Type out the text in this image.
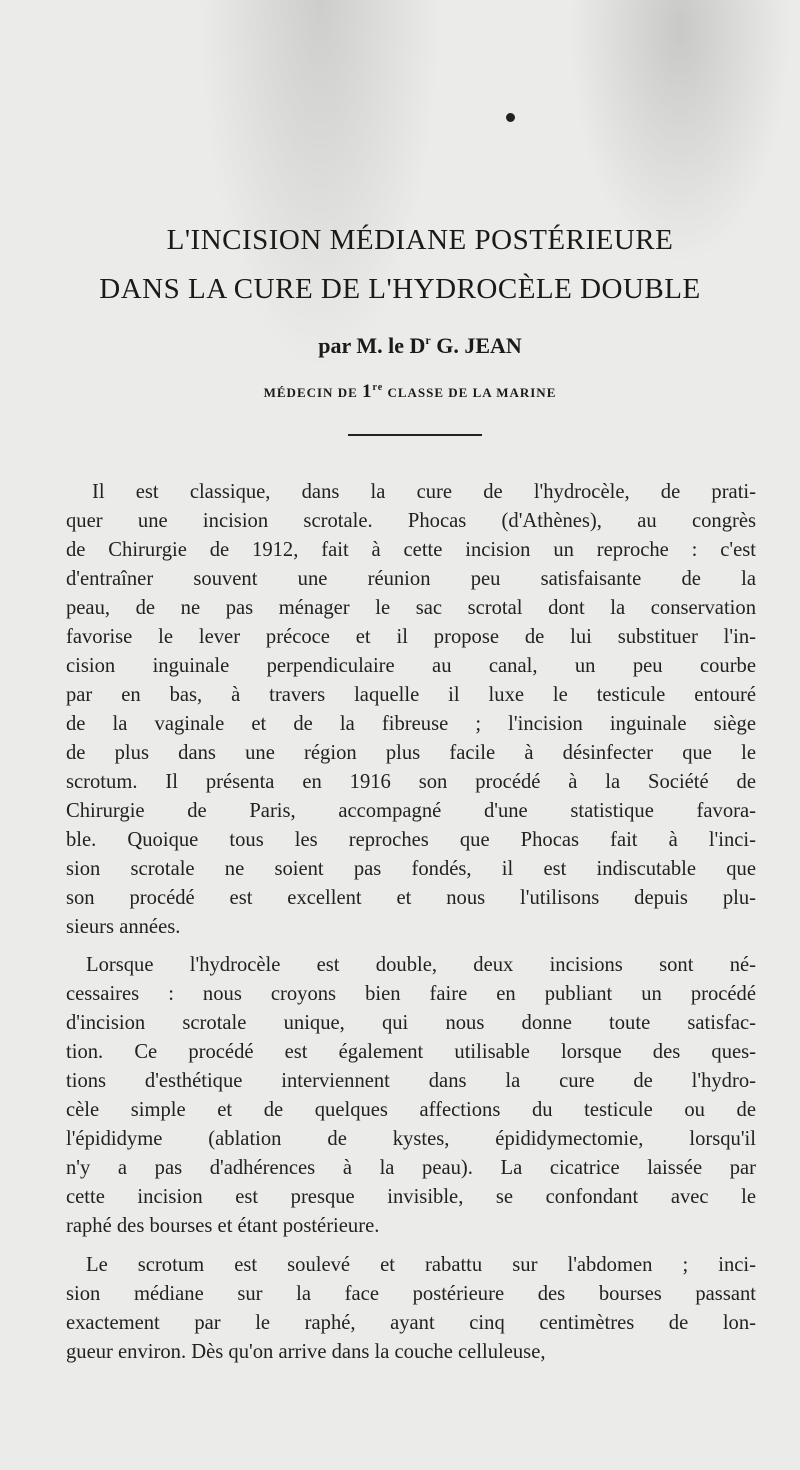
L'INCISION MÉDIANE POSTÉRIEURE
DANS LA CURE DE L'HYDROCÈLE DOUBLE
par M. le $D^r$ G. JEAN
MÉDECIN DE 1re CLASSE DE LA MARINE
Il est classique, dans la cure de l'hydrocèle, de prati-
quer une incision scrotale. Phocas (d'Athènes), au congrès
de Chirurgie de 1912, fait à cette incision un reproche : c'est
d'entraîner souvent une réunion peu satisfaisante de la
peau, de ne pas ménager le sac scrotal dont la conservation
favorise le lever précoce et il propose de lui substituer l'in-
cision inguinale perpendiculaire au canal, un peu courbe
par en bas, à travers laquelle il luxe le testicule entouré
de la vaginale et de la fibreuse ; l'incision inguinale siège
de plus dans une région plus facile à désinfecter que le
scrotum. Il présenta en 1916 son procédé à la Société de
Chirurgie de Paris, accompagné d'une statistique favora-
ble. Quoique tous les reproches que Phocas fait à l'inci-
sion scrotale ne soient pas fondés, il est indiscutable que
son procédé est excellent et nous l'utilisons depuis plu-
sieurs années.
Lorsque l'hydrocèle est double, deux incisions sont né-
cessaires : nous croyons bien faire en publiant un procédé
d'incision scrotale unique, qui nous donne toute satisfac-
tion. Ce procédé est également utilisable lorsque des ques-
tions d'esthétique interviennent dans la cure de l'hydro-
cèle simple et de quelques affections du testicule ou de
l'épididyme (ablation de kystes, épididymectomie, lorsqu'il
n'y a pas d'adhérences à la peau). La cicatrice laissée par
cette incision est presque invisible, se confondant avec le
raphé des bourses et étant postérieure.
Le scrotum est soulevé et rabattu sur l'abdomen ; inci-
sion médiane sur la face postérieure des bourses passant
exactement par le raphé, ayant cinq centimètres de lon-
gueur environ. Dès qu'on arrive dans la couche celluleuse,
